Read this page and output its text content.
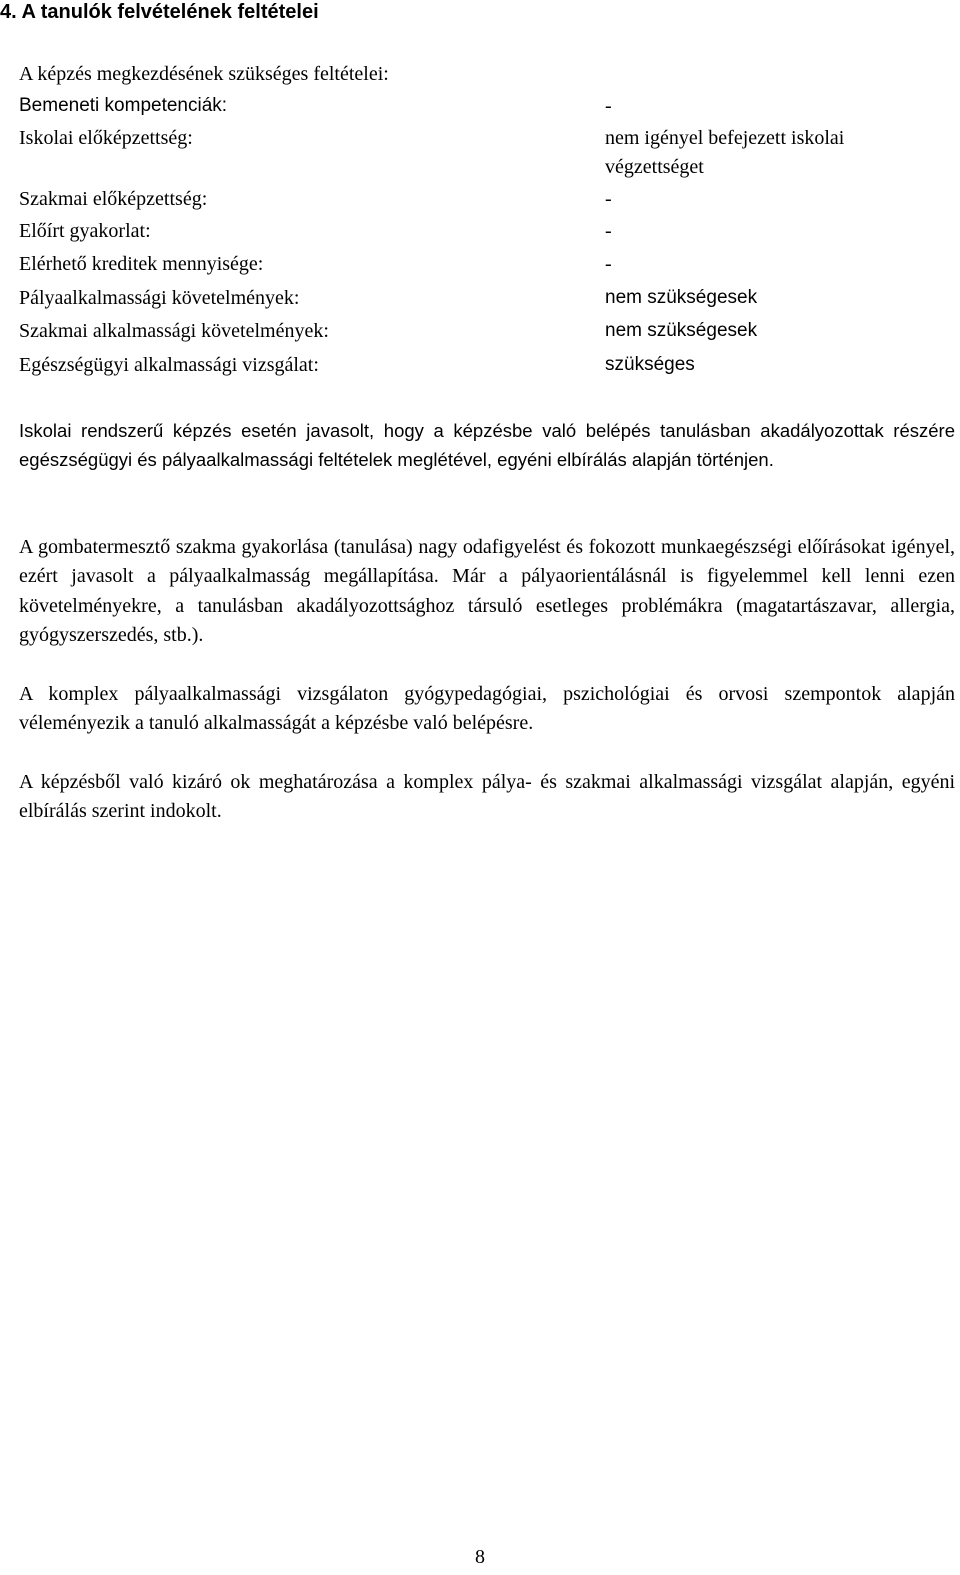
4. A tanulók felvételének feltételei
A képzés megkezdésének szükséges feltételei:
Bemeneti kompetenciák:	-
Iskolai előképzettség:	nem igényel befejezett iskolai végzettséget
Szakmai előképzettség:	-
Előírt gyakorlat:	-
Elérhető kreditek mennyisége:	-
Pályaalkalmassági követelmények:	nem szükségesek
Szakmai alkalmassági követelmények:	nem szükségesek
Egészségügyi alkalmassági vizsgálat:	szükséges

Iskolai rendszerű képzés esetén javasolt, hogy a képzésbe való belépés tanulásban akadályozottak részére egészségügyi és pályaalkalmassági feltételek meglétével, egyéni elbírálás alapján történjen.

A gombatermesztő szakma gyakorlása (tanulása) nagy odafigyelést és fokozott munkaegészségi előírásokat igényel, ezért javasolt a pályaalkalmasság megállapítása. Már a pályaorientálásnál is figyelemmel kell lenni ezen követelményekre, a tanulásban akadályozottsághoz társuló esetleges problémákra (magatartászavar, allergia, gyógyszerszedés, stb.).

A komplex pályaalkalmassági vizsgálaton gyógypedagógiai, pszichológiai és orvosi szempontok alapján véleményezik a tanuló alkalmasságát a képzésbe való belépésre.

A képzésből való kizáró ok meghatározása a komplex pálya- és szakmai alkalmassági vizsgálat alapján, egyéni elbírálás szerint indokolt.

8
